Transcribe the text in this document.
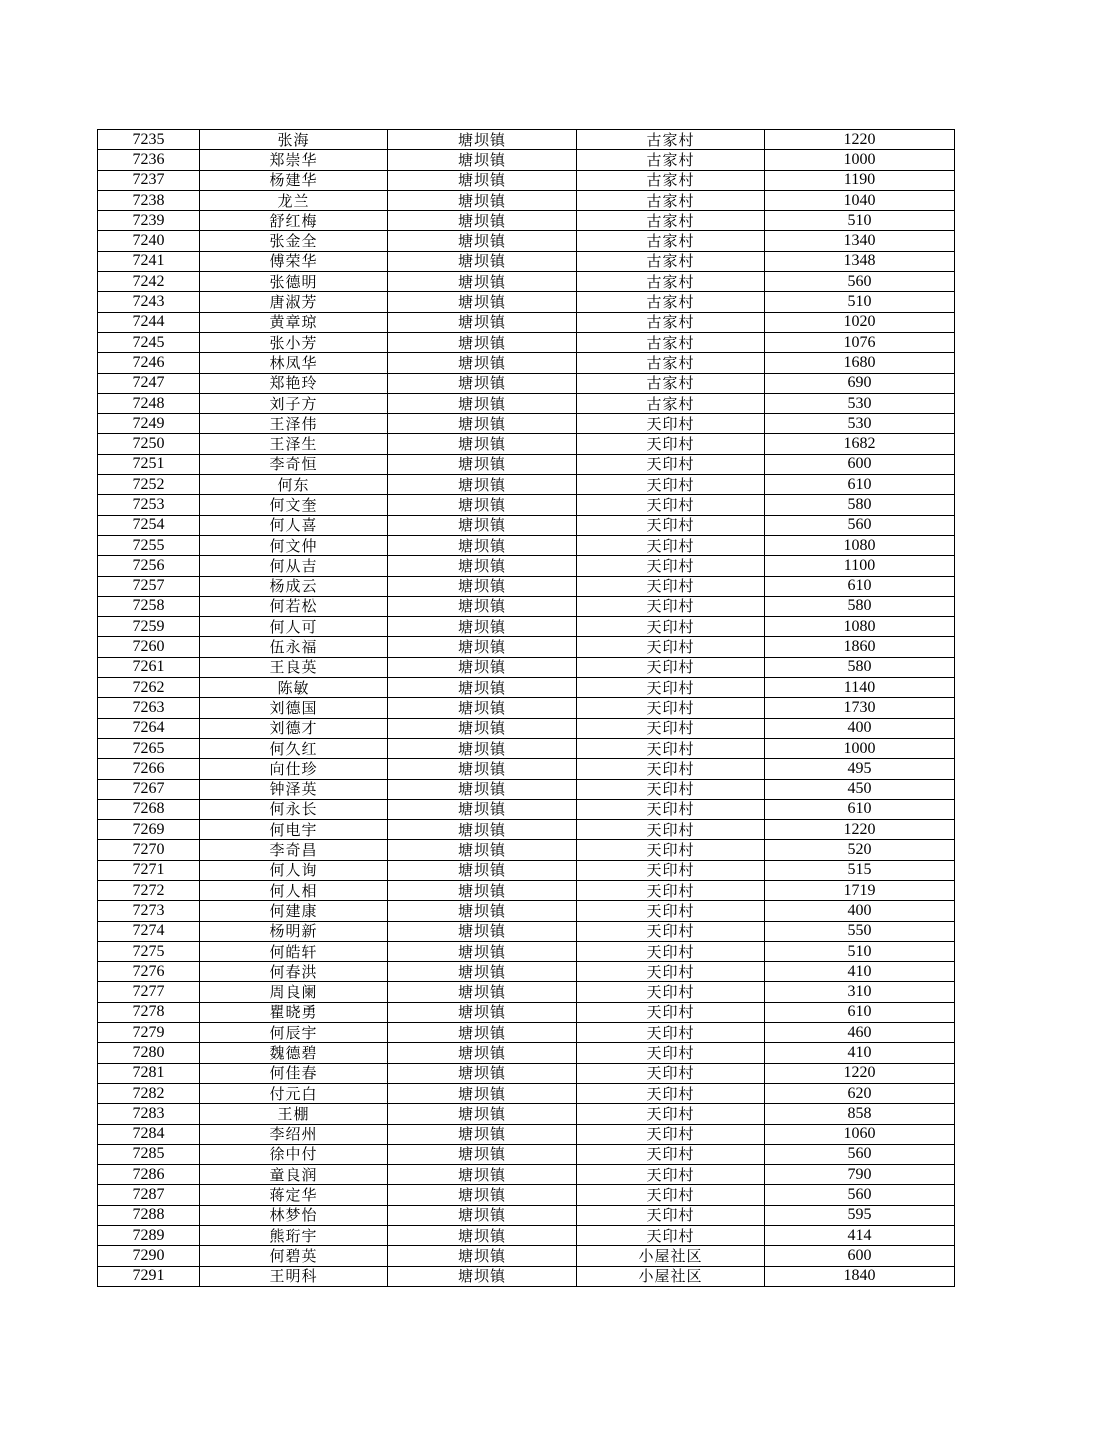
7235	张海	塘坝镇	古家村	1220
7236	郑崇华	塘坝镇	古家村	1000
7237	杨建华	塘坝镇	古家村	1190
7238	龙兰	塘坝镇	古家村	1040
7239	舒红梅	塘坝镇	古家村	510
7240	张金全	塘坝镇	古家村	1340
7241	傅荣华	塘坝镇	古家村	1348
7242	张德明	塘坝镇	古家村	560
7243	唐淑芳	塘坝镇	古家村	510
7244	黄章琼	塘坝镇	古家村	1020
7245	张小芳	塘坝镇	古家村	1076
7246	林凤华	塘坝镇	古家村	1680
7247	郑艳玲	塘坝镇	古家村	690
7248	刘子方	塘坝镇	古家村	530
7249	王泽伟	塘坝镇	天印村	530
7250	王泽生	塘坝镇	天印村	1682
7251	李奇恒	塘坝镇	天印村	600
7252	何东	塘坝镇	天印村	610
7253	何文奎	塘坝镇	天印村	580
7254	何人喜	塘坝镇	天印村	560
7255	何文仲	塘坝镇	天印村	1080
7256	何从吉	塘坝镇	天印村	1100
7257	杨成云	塘坝镇	天印村	610
7258	何若松	塘坝镇	天印村	580
7259	何人可	塘坝镇	天印村	1080
7260	伍永福	塘坝镇	天印村	1860
7261	王良英	塘坝镇	天印村	580
7262	陈敏	塘坝镇	天印村	1140
7263	刘德国	塘坝镇	天印村	1730
7264	刘德才	塘坝镇	天印村	400
7265	何久红	塘坝镇	天印村	1000
7266	向仕珍	塘坝镇	天印村	495
7267	钟泽英	塘坝镇	天印村	450
7268	何永长	塘坝镇	天印村	610
7269	何电宇	塘坝镇	天印村	1220
7270	李奇昌	塘坝镇	天印村	520
7271	何人询	塘坝镇	天印村	515
7272	何人相	塘坝镇	天印村	1719
7273	何建康	塘坝镇	天印村	400
7274	杨明新	塘坝镇	天印村	550
7275	何皓轩	塘坝镇	天印村	510
7276	何春洪	塘坝镇	天印村	410
7277	周良阑	塘坝镇	天印村	310
7278	瞿晓勇	塘坝镇	天印村	610
7279	何辰宇	塘坝镇	天印村	460
7280	魏德碧	塘坝镇	天印村	410
7281	何佳春	塘坝镇	天印村	1220
7282	付元白	塘坝镇	天印村	620
7283	王棚	塘坝镇	天印村	858
7284	李绍州	塘坝镇	天印村	1060
7285	徐中付	塘坝镇	天印村	560
7286	童良润	塘坝镇	天印村	790
7287	蒋定华	塘坝镇	天印村	560
7288	林梦怡	塘坝镇	天印村	595
7289	熊珩宇	塘坝镇	天印村	414
7290	何碧英	塘坝镇	小屋社区	600
7291	王明科	塘坝镇	小屋社区	1840
